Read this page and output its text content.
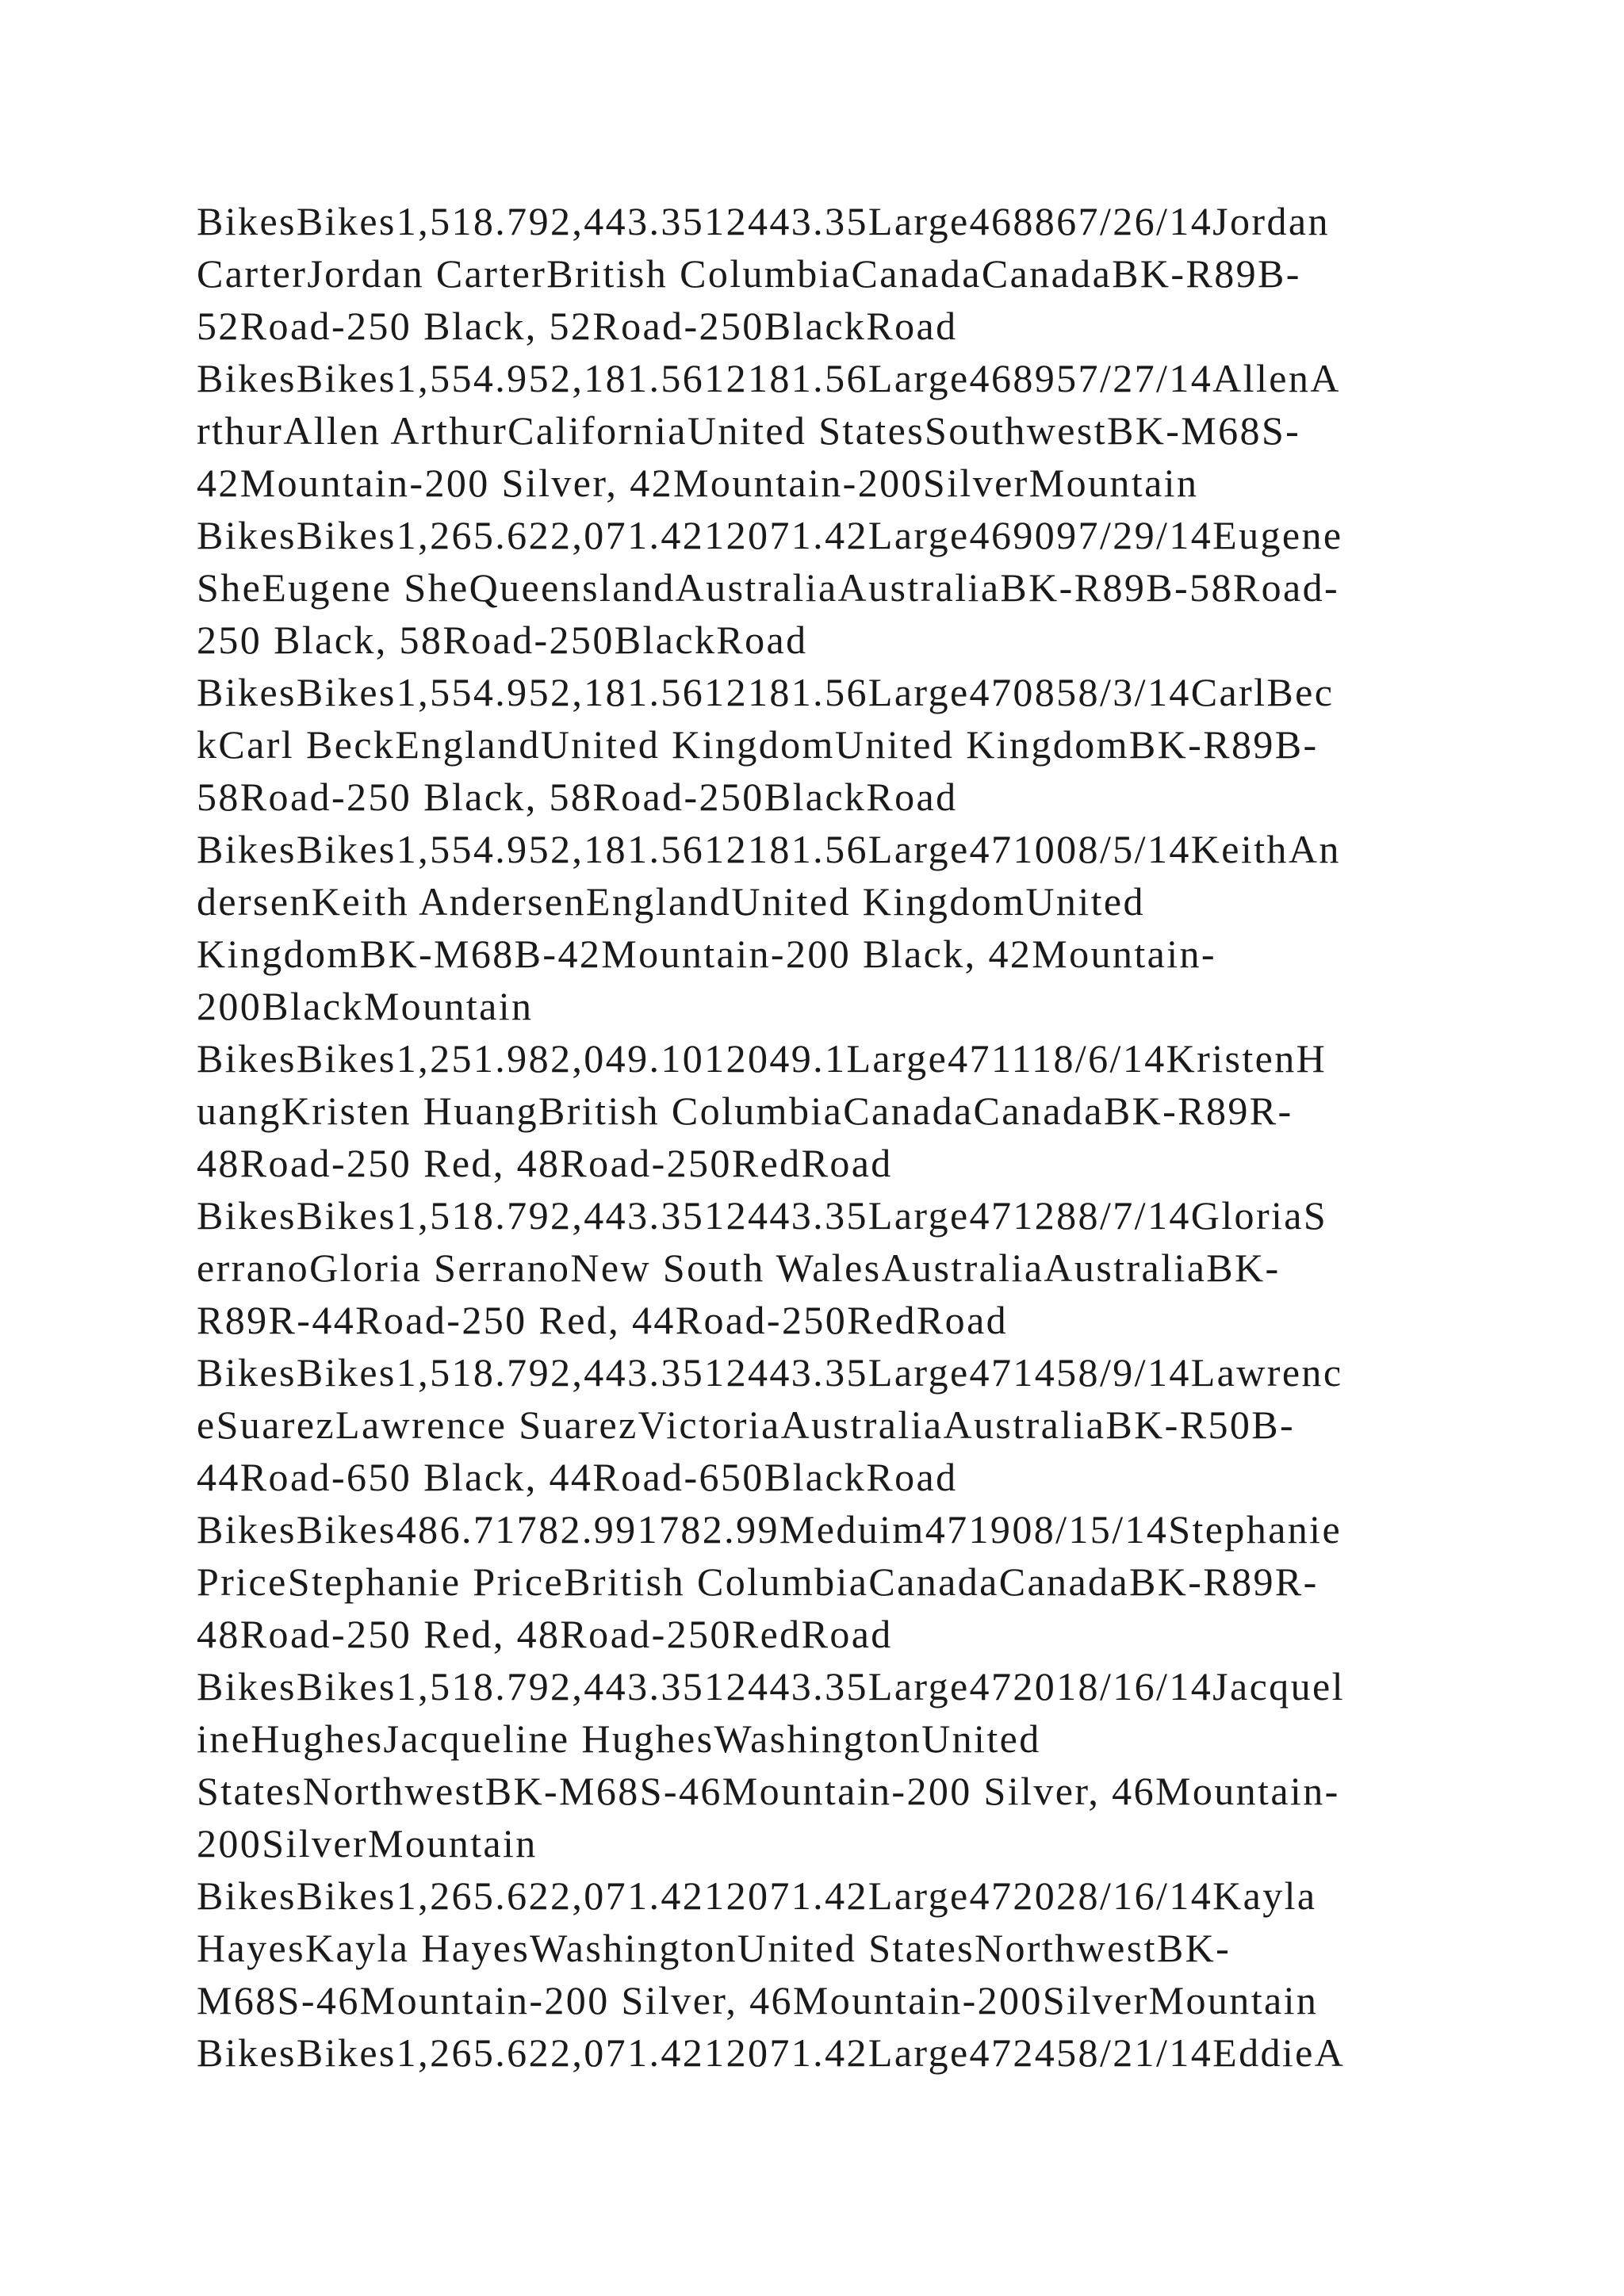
BikesBikes1,518.792,443.3512443.35Large468867/26/14Jordan
CarterJordan CarterBritish ColumbiaCanadaCanadaBK-R89B-
52Road-250 Black, 52Road-250BlackRoad
BikesBikes1,554.952,181.5612181.56Large468957/27/14AllenA
rthurAllen ArthurCaliforniaUnited StatesSouthwestBK-M68S-
42Mountain-200 Silver, 42Mountain-200SilverMountain
BikesBikes1,265.622,071.4212071.42Large469097/29/14Eugene
SheEugene SheQueenslandAustraliaAustraliaBK-R89B-58Road-
250 Black, 58Road-250BlackRoad
BikesBikes1,554.952,181.5612181.56Large470858/3/14CarlBec
kCarl BeckEnglandUnited KingdomUnited KingdomBK-R89B-
58Road-250 Black, 58Road-250BlackRoad
BikesBikes1,554.952,181.5612181.56Large471008/5/14KeithAn
dersenKeith AndersenEnglandUnited KingdomUnited
KingdomBK-M68B-42Mountain-200 Black, 42Mountain-
200BlackMountain
BikesBikes1,251.982,049.1012049.1Large471118/6/14KristenH
uangKristen HuangBritish ColumbiaCanadaCanadaBK-R89R-
48Road-250 Red, 48Road-250RedRoad
BikesBikes1,518.792,443.3512443.35Large471288/7/14GloriaS
erranoGloria SerranoNew South WalesAustraliaAustraliaBK-
R89R-44Road-250 Red, 44Road-250RedRoad
BikesBikes1,518.792,443.3512443.35Large471458/9/14Lawrenc
eSuarezLawrence SuarezVictoriaAustraliaAustraliaBK-R50B-
44Road-650 Black, 44Road-650BlackRoad
BikesBikes486.71782.991782.99Meduim471908/15/14Stephanie
PriceStephanie PriceBritish ColumbiaCanadaCanadaBK-R89R-
48Road-250 Red, 48Road-250RedRoad
BikesBikes1,518.792,443.3512443.35Large472018/16/14Jacquel
ineHughesJacqueline HughesWashingtonUnited
StatesNorthwestBK-M68S-46Mountain-200 Silver, 46Mountain-
200SilverMountain
BikesBikes1,265.622,071.4212071.42Large472028/16/14Kayla
HayesKayla HayesWashingtonUnited StatesNorthwestBK-
M68S-46Mountain-200 Silver, 46Mountain-200SilverMountain
BikesBikes1,265.622,071.4212071.42Large472458/21/14EddieA
